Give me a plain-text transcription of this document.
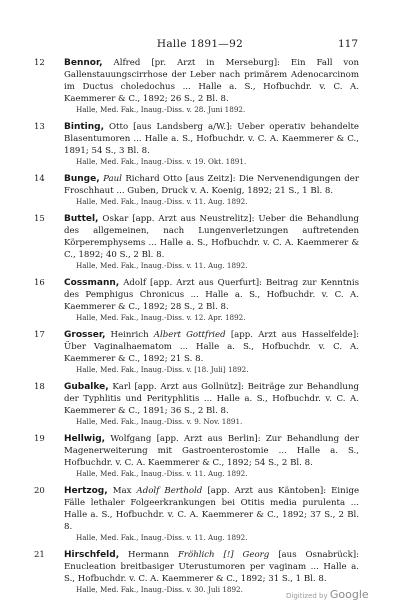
Halle 1891—92	117
12	Bennor, Alfred [pr. Arzt in Merseburg]: Ein Fall von Gallenstauungscirrhose der Leber nach primärem Adenocarcinom im Ductus choledochus ... Halle a. S., Hofbuchdr. v. C. A. Kaemmerer & C., 1892; 26 S., 2 Bl. 8.
Halle, Med. Fak., Inaug.-Diss. v. 28. Juni 1892.
13	Binting, Otto [aus Landsberg a/W.]: Ueber operativ behandelte Blasentumoren ... Halle a. S., Hofbuchdr. v. C. A. Kaemmerer & C., 1891; 54 S., 3 Bl. 8.
Halle, Med. Fak., Inaug.-Diss. v. 19. Okt. 1891.
14	Bunge, Paul Richard Otto [aus Zeitz]: Die Nervenendigungen der Froschhaut ... Guben, Druck v. A. Koenig, 1892; 21 S., 1 Bl. 8.
Halle, Med. Fak., Inaug.-Diss. v. 11. Aug. 1892.
15	Buttel, Oskar [app. Arzt aus Neustrelitz]: Ueber die Behandlung des allgemeinen, nach Lungenverletzungen auftretenden Körperemphysems ... Halle a. S., Hofbuchdr. v. C. A. Kaemmerer & C., 1892; 40 S., 2 Bl. 8.
Halle, Med. Fak., Inaug.-Diss. v. 11. Aug. 1892.
16	Cossmann, Adolf [app. Arzt aus Querfurt]: Beitrag zur Kenntnis des Pemphigus Chronicus ... Halle a. S., Hofbuchdr. v. C. A. Kaemmerer & C., 1892; 28 S., 2 Bl. 8.
Halle, Med. Fak., Inaug.-Diss. v. 12. Apr. 1892.
17	Grosser, Heinrich Albert Gottfried [app. Arzt aus Hasselfelde]: Über Vaginalhaematom ... Halle a. S., Hofbuchdr. v. C. A. Kaemmerer & C., 1892; 21 S. 8.
Halle, Med. Fak., Inaug.-Diss. v. [18. Juli] 1892.
18	Gubalke, Karl [app. Arzt aus Gollnütz]: Beiträge zur Behandlung der Typhlitis und Perityphlitis ... Halle a. S., Hofbuchdr. v. C. A. Kaemmerer & C., 1891; 36 S., 2 Bl. 8.
Halle, Med. Fak., Inaug.-Diss. v. 9. Nov. 1891.
19	Hellwig, Wolfgang [app. Arzt aus Berlin]: Zur Behandlung der Magenerweiterung mit Gastroenterostomie ... Halle a. S., Hofbuchdr. v. C. A. Kaemmerer & C., 1892; 54 S., 2 Bl. 8.
Halle, Med. Fak., Inaug.-Diss. v. 11. Aug. 1892.
20	Hertzog, Max Adolf Berthold [app. Arzt aus Käntoben]: Einige Fälle lethaler Folgeerkrankungen bei Otitis media purulenta ... Halle a. S., Hofbuchdr. v. C. A. Kaemmerer & C., 1892; 37 S., 2 Bl. 8.
Halle, Med. Fak., Inaug.-Diss. v. 11. Aug. 1892.
21	Hirschfeld, Hermann Fröhlich [!] Georg [aus Osnabrück]: Enucleation breitbasiger Uterustumoren per vaginam ... Halle a. S., Hofbuchdr. v. C. A. Kaemmerer & C., 1892; 31 S., 1 Bl. 8.
Halle, Med. Fak., Inaug.-Diss. v. 30. Juli 1892.
Digitized by Google
